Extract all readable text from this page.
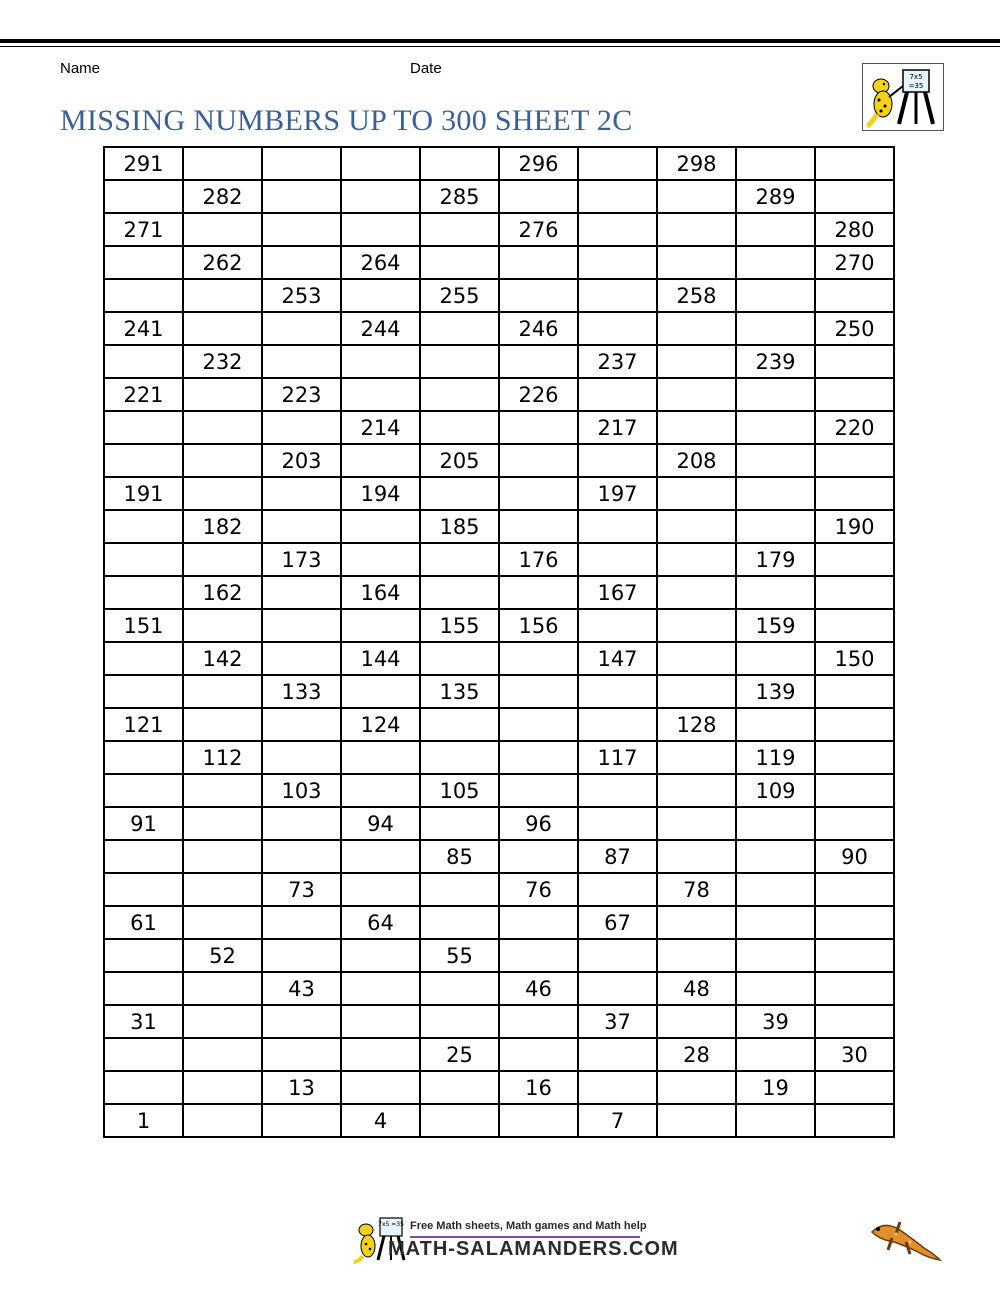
Name	Date
MISSING NUMBERS UP TO 300 SHEET 2C
7x5
=35
291					296		298		
	282			285				289	
271					276				280
	262		264						270
		253		255			258		
241			244		246				250
	232					237		239	
221		223			226				
			214			217			220
		203		205			208		
191			194			197			
	182			185					190
		173			176			179	
	162		164			167			
151				155	156			159	
	142		144			147			150
		133		135				139	
121			124				128		
	112					117		119	
		103		105				109	
91			94		96				
				85		87			90
		73			76		78		
61			64			67			
	52			55					
		43			46		48		
31						37		39	
				25			28		30
		13			16			19	
1			4			7			
7x5 =35 Free Math sheets, Math games and Math help
MATH-SALAMANDERS.COM
